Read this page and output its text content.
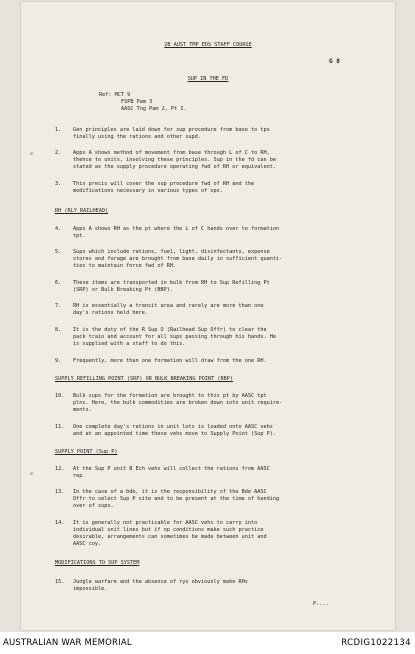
2B AUST TMP EDS STAFF COURSE
G 8
SUP IN THE FD
Ref: MCT 9
FSPB Pam 3
AASC Tng Pam 2, Pt I.
1. Gen principles are laid down for sup procedure from base to tps
finally using the rations and other supd.
2. Appx A shows method of movement from base through L of C to RH,
thence to units, involving these principles. Sup in the fd can be
stated as the supply procedure operating fwd of RH or equivalent.
3. This precis will cover the sup procedure fwd of RH and the
modifications necessary in various types of ops.
RH (RLY RAILHEAD)
4. Appx A shows RH as the pt where the L of C hands over to formation
tpt.
5. Sups which include rations, fuel, light, disinfectants, expense
stores and forage are brought from base daily in sufficient quanti-
ties to maintain force fwd of RH.
6. These items are transported in bulk from RH to Sup Refilling Pt
(SRP) or Bulk Breaking Pt (BBP).
7. RH is essentially a transit area and rarely are more than one
day's rations held here.
8. It is the duty of the R Sup O (Railhead Sup Offr) to clear the
pack train and account for all sups passing through his hands. He
is supplied with a staff to do this.
9. Frequently, more than one formation will draw from the one RH.
SUPPLY REFILLING POINT (SRP) OR BULK BREAKING POINT (BBP)
10. Bulk sups for the formation are brought to this pt by AASC tpt
plns. Here, the bulk commodities are broken down into unit require-
ments.
11. One complete day's rations in unit lots is loaded onto AASC vehs
and at an appointed time these vehs move to Supply Point (Sup P).
SUPPLY POINT (Sup P)
12. At the Sup P unit B Ech vehs will collect the rations from AASC
rep.
13. In the case of a bde, it is the responsibility of the Bde AASC
Offr to select Sup P site and to be present at the time of handing
over of sups.
14. It is generally not practicable for AASC vehs to carry into
individual unit lines but if op conditions make such practice
desirable, arrangements can sometimes be made between unit and
AASC coy.
MODIFICATIONS TO SUP SYSTEM
15. Jungle warfare and the absence of rys obviously make RHs
impossible.
P....
AUSTRALIAN WAR MEMORIAL	RCDIG1022134
